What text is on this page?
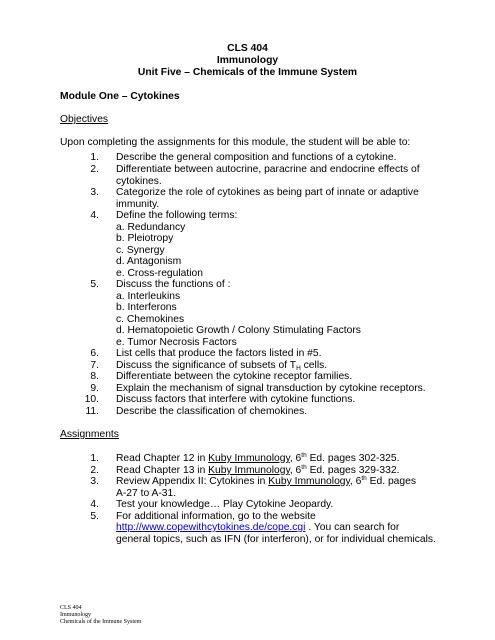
CLS 404
Immunology
Unit Five – Chemicals of the Immune System
Module One – Cytokines
Objectives
Upon completing the assignments for this module, the student will be able to:
1. Describe the general composition and functions of a cytokine.
2. Differentiate between autocrine, paracrine and endocrine effects of
cytokines.
3. Categorize the role of cytokines as being part of innate or adaptive
immunity.
4. Define the following terms:
a. Redundancy
b. Pleiotropy
c. Synergy
d. Antagonism
e. Cross-regulation
5. Discuss the functions of :
a. Interleukins
b. Interferons
c. Chemokines
d. Hematopoietic Growth / Colony Stimulating Factors
e. Tumor Necrosis Factors
6. List cells that produce the factors listed in #5.
7. Discuss the significance of subsets of $T_H$ cells.
8. Differentiate between the cytokine receptor families.
9. Explain the mechanism of signal transduction by cytokine receptors.
10. Discuss factors that interfere with cytokine functions.
11. Describe the classification of chemokines.
Assignments
1. Read Chapter 12 in Kuby Immunology, 6th Ed. pages 302-325.
2. Read Chapter 13 in Kuby Immunology, 6th Ed. pages 329-332.
3. Review Appendix II: Cytokines in Kuby Immunology, 6th Ed. pages
A-27 to A-31.
4. Test your knowledge… Play Cytokine Jeopardy.
5. For additional information, go to the website
http://www.copewithcytokines.de/cope.cgi . You can search for
general topics, such as IFN (for interferon), or for individual chemicals.
CLS 404
Immunology
Chemicals of the Immune System
